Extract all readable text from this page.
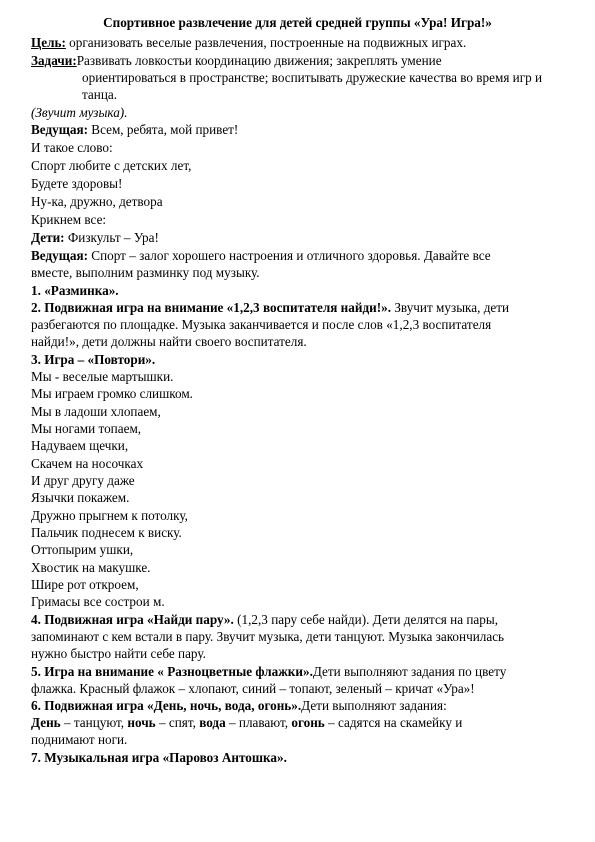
Спортивное развлечение для детей средней группы «Ура! Игра!»
Цель: организовать веселые развлечения, построенные на подвижных играх.
Задачи:Развивать ловкостьи координацию движения; закреплять умение
ориентироваться в пространстве; воспитывать дружеские качества во время игр и
танца.
(Звучит музыка).
Ведущая: Всем, ребята, мой привет!
И такое слово:
Спорт любите с детских лет,
Будете здоровы!
Ну-ка, дружно, детвора
Крикнем все:
Дети: Физкульт – Ура!
Ведущая: Спорт – залог хорошего настроения и отличного здоровья. Давайте все
вместе, выполним разминку под музыку.
1. «Разминка».
2. Подвижная игра на внимание «1,2,3 воспитателя найди!». Звучит музыка, дети
разбегаются по площадке. Музыка заканчивается и после слов «1,2,3 воспитателя
найди!», дети должны найти своего воспитателя.
3. Игра – «Повтори».
Мы - веселые мартышки.
Мы играем громко слишком.
Мы в ладоши хлопаем,
Мы ногами топаем,
Надуваем щечки,
Скачем на носочках
И друг другу даже
Язычки покажем.
Дружно прыгнем к потолку,
Пальчик поднесем к виску.
Оттопырим ушки,
Хвостик на макушке.
Шире рот откроем,
Гримасы все сострои м.
4. Подвижная игра «Найди пару». (1,2,3 пару себе найди). Дети делятся на пары,
запоминают с кем встали в пару. Звучит музыка, дети танцуют. Музыка закончилась
нужно быстро найти себе пару.
5. Игра на внимание « Разноцветные флажки».Дети выполняют задания по цвету
флажка. Красный флажок – хлопают, синий – топают, зеленый – кричат «Ура»!
6. Подвижная игра «День, ночь, вода, огонь».Дети выполняют задания:
День – танцуют, ночь – спят, вода – плавают, огонь – садятся на скамейку и
поднимают ноги.
7. Музыкальная игра «Паровоз Антошка».
